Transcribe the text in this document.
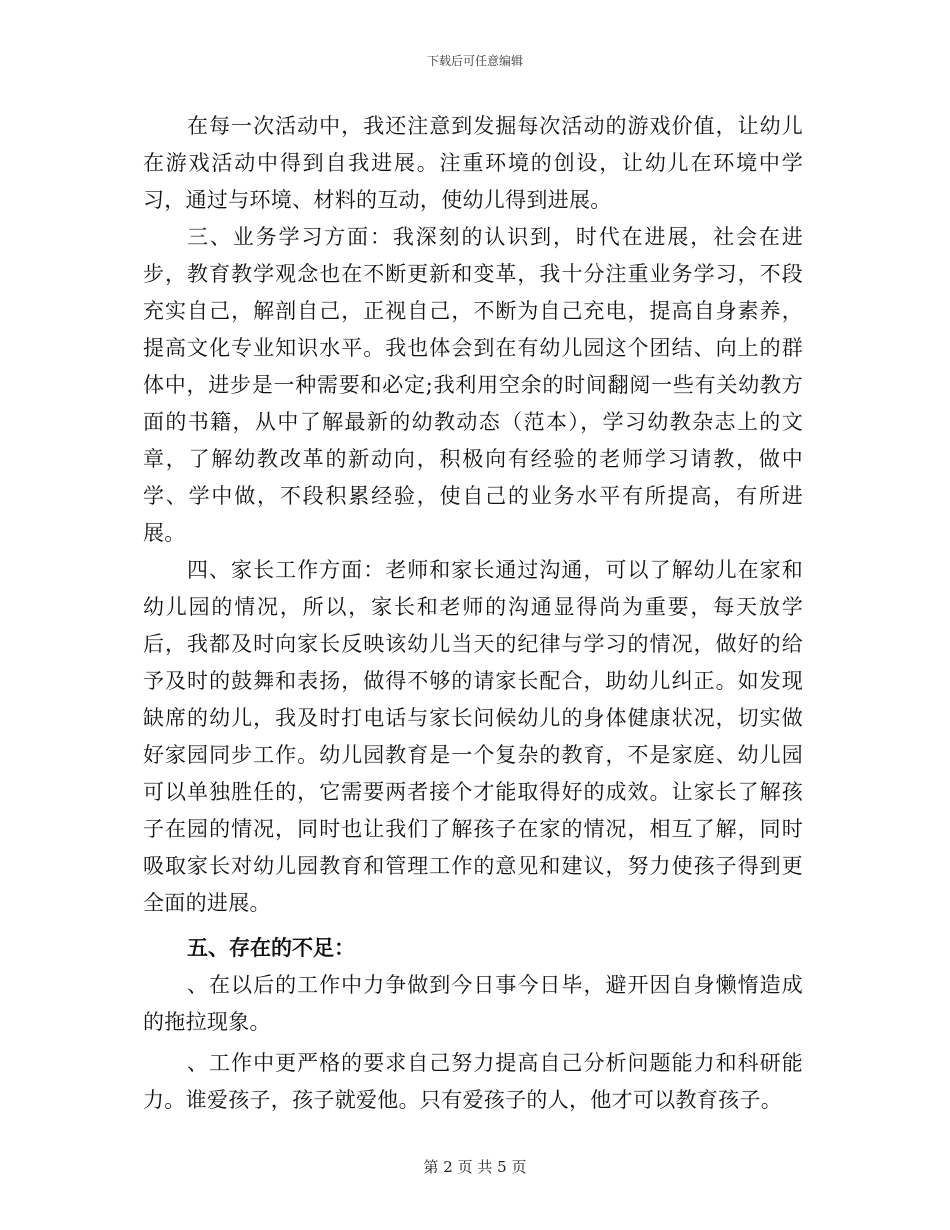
下载后可任意编辑

在每一次活动中，我还注意到发掘每次活动的游戏价值，让幼儿在游戏活动中得到自我进展。注重环境的创设，让幼儿在环境中学习，通过与环境、材料的互动，使幼儿得到进展。

三、业务学习方面：我深刻的认识到，时代在进展，社会在进步，教育教学观念也在不断更新和变革，我十分注重业务学习，不段充实自己，解剖自己，正视自己，不断为自己充电，提高自身素养，提高文化专业知识水平。我也体会到在有幼儿园这个团结、向上的群体中，进步是一种需要和必定;我利用空余的时间翻阅一些有关幼教方面的书籍，从中了解最新的幼教动态（范本），学习幼教杂志上的文章，了解幼教改革的新动向，积极向有经验的老师学习请教，做中学、学中做，不段积累经验，使自己的业务水平有所提高，有所进展。

四、家长工作方面：老师和家长通过沟通，可以了解幼儿在家和幼儿园的情况，所以，家长和老师的沟通显得尚为重要，每天放学后，我都及时向家长反映该幼儿当天的纪律与学习的情况，做好的给予及时的鼓舞和表扬，做得不够的请家长配合，助幼儿纠正。如发现缺席的幼儿，我及时打电话与家长问候幼儿的身体健康状况，切实做好家园同步工作。幼儿园教育是一个复杂的教育，不是家庭、幼儿园可以单独胜任的，它需要两者接个才能取得好的成效。让家长了解孩子在园的情况，同时也让我们了解孩子在家的情况，相互了解，同时吸取家长对幼儿园教育和管理工作的意见和建议，努力使孩子得到更全面的进展。

五、存在的不足：

、在以后的工作中力争做到今日事今日毕，避开因自身懒惰造成的拖拉现象。

、工作中更严格的要求自己努力提高自己分析问题能力和科研能力。谁爱孩子，孩子就爱他。只有爱孩子的人，他才可以教育孩子。

第 2 页 共 5 页
